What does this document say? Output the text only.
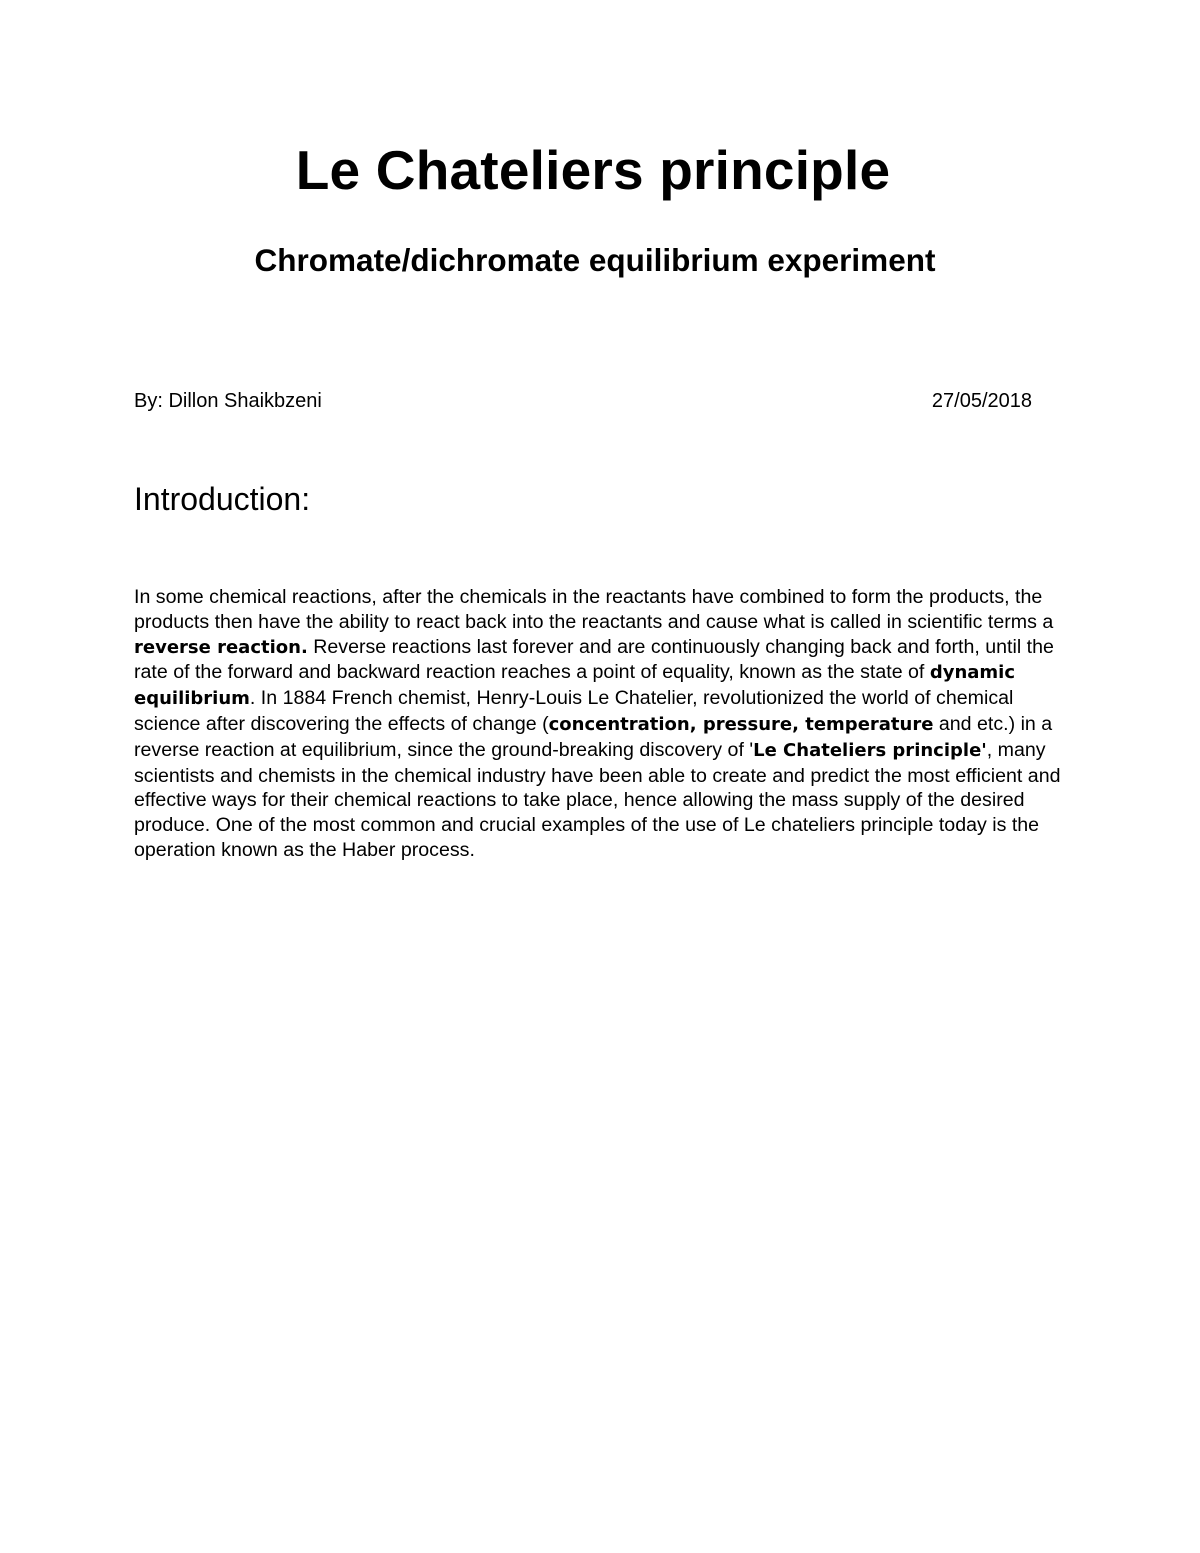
Le Chateliers principle
Chromate/dichromate equilibrium experiment
By: Dillon Shaikbzeni	27/05/2018
Introduction:

In some chemical reactions, after the chemicals in the reactants have combined to form the products, the products then have the ability to react back into the reactants and cause what is called in scientific terms a reverse reaction. Reverse reactions last forever and are continuously changing back and forth, until the rate of the forward and backward reaction reaches a point of equality, known as the state of dynamic equilibrium. In 1884 French chemist, Henry-Louis Le Chatelier, revolutionized the world of chemical science after discovering the effects of change (concentration, pressure, temperature and etc.) in a reverse reaction at equilibrium, since the ground-breaking discovery of 'Le Chateliers principle', many scientists and chemists in the chemical industry have been able to create and predict the most efficient and effective ways for their chemical reactions to take place, hence allowing the mass supply of the desired produce. One of the most common and crucial examples of the use of Le chateliers principle today is the operation known as the Haber process.
